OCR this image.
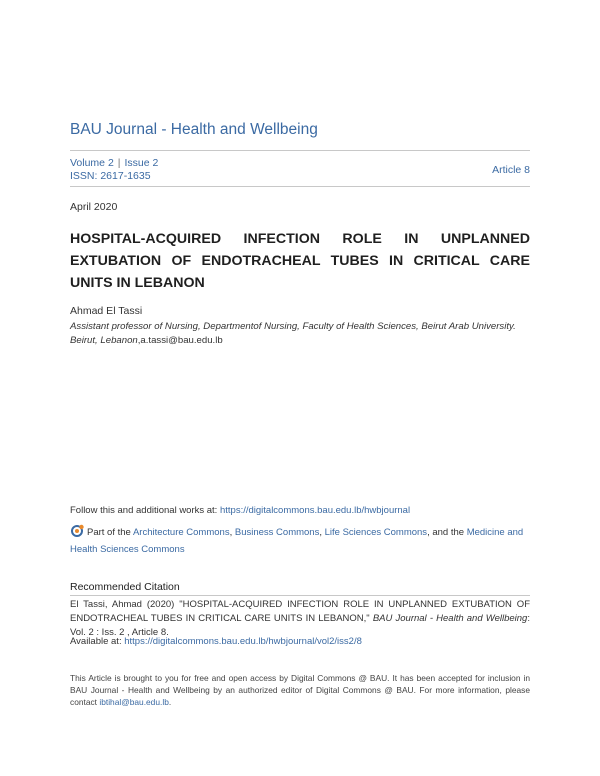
BAU Journal - Health and Wellbeing
Volume 2 | Issue 2
ISSN: 2617-1635	Article 8
April 2020
HOSPITAL-ACQUIRED INFECTION ROLE IN UNPLANNED EXTUBATION OF ENDOTRACHEAL TUBES IN CRITICAL CARE UNITS IN LEBANON
Ahmad El Tassi
Assistant professor of Nursing, Departmentof Nursing, Faculty of Health Sciences, Beirut Arab University. Beirut, Lebanon,a.tassi@bau.edu.lb
Follow this and additional works at: https://digitalcommons.bau.edu.lb/hwbjournal
Part of the Architecture Commons, Business Commons, Life Sciences Commons, and the Medicine and Health Sciences Commons
Recommended Citation
El Tassi, Ahmad (2020) "HOSPITAL-ACQUIRED INFECTION ROLE IN UNPLANNED EXTUBATION OF ENDOTRACHEAL TUBES IN CRITICAL CARE UNITS IN LEBANON," BAU Journal - Health and Wellbeing: Vol. 2 : Iss. 2 , Article 8.
Available at: https://digitalcommons.bau.edu.lb/hwbjournal/vol2/iss2/8
This Article is brought to you for free and open access by Digital Commons @ BAU. It has been accepted for inclusion in BAU Journal - Health and Wellbeing by an authorized editor of Digital Commons @ BAU. For more information, please contact ibtihal@bau.edu.lb.
